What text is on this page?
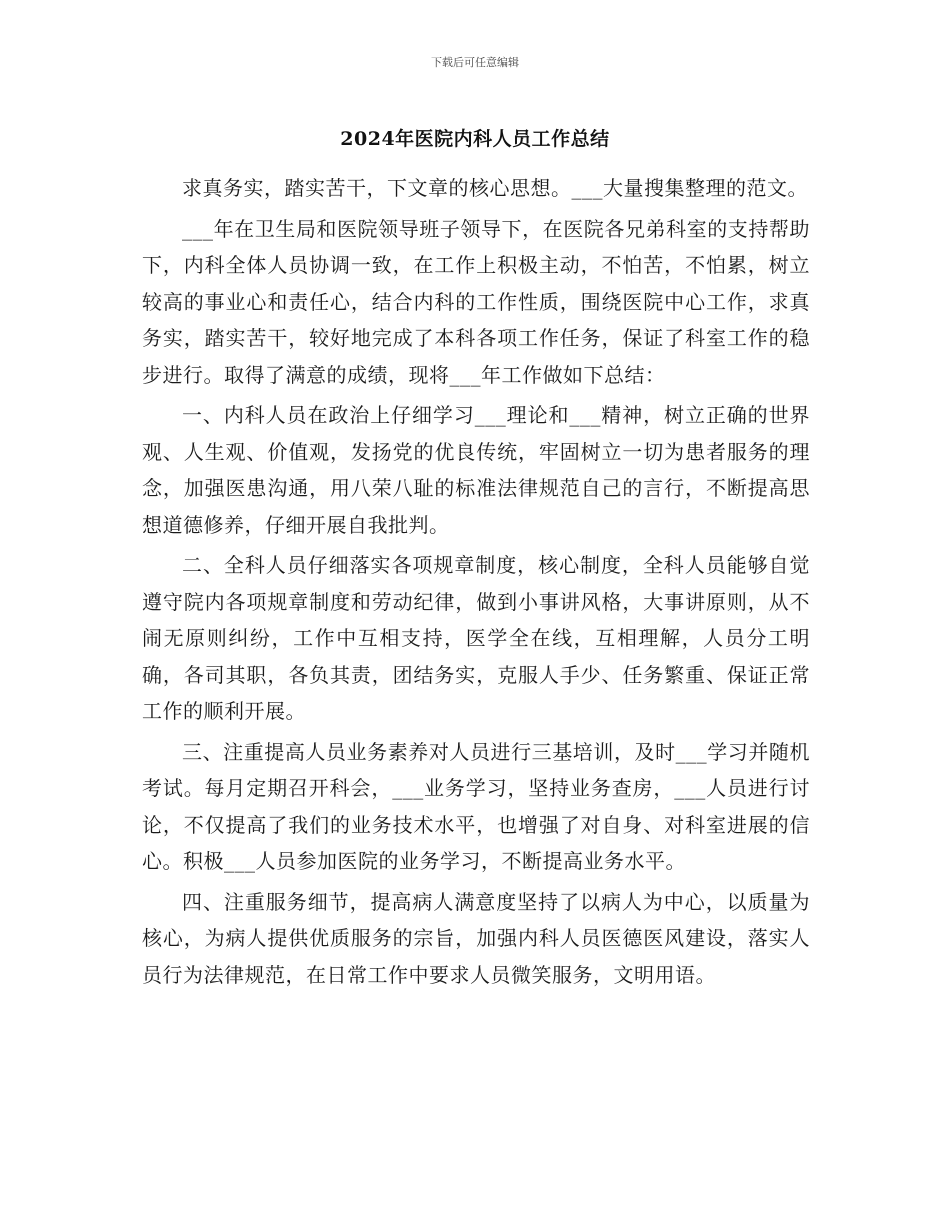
下载后可任意编辑
2024年医院内科人员工作总结

求真务实，踏实苦干，下文章的核心思想。___大量搜集整理的范文。

___年在卫生局和医院领导班子领导下，在医院各兄弟科室的支持帮助下，内科全体人员协调一致，在工作上积极主动，不怕苦，不怕累，树立较高的事业心和责任心，结合内科的工作性质，围绕医院中心工作，求真务实，踏实苦干，较好地完成了本科各项工作任务，保证了科室工作的稳步进行。取得了满意的成绩，现将___年工作做如下总结：

一、内科人员在政治上仔细学习___理论和___精神，树立正确的世界观、人生观、价值观，发扬党的优良传统，牢固树立一切为患者服务的理念，加强医患沟通，用八荣八耻的标准法律规范自己的言行，不断提高思想道德修养，仔细开展自我批判。

二、全科人员仔细落实各项规章制度，核心制度，全科人员能够自觉遵守院内各项规章制度和劳动纪律，做到小事讲风格，大事讲原则，从不闹无原则纠纷，工作中互相支持，医学全在线，互相理解，人员分工明确，各司其职，各负其责，团结务实，克服人手少、任务繁重、保证正常工作的顺利开展。

三、注重提高人员业务素养对人员进行三基培训，及时___学习并随机考试。每月定期召开科会，___业务学习，坚持业务查房，___人员进行讨论，不仅提高了我们的业务技术水平，也增强了对自身、对科室进展的信心。积极___人员参加医院的业务学习，不断提高业务水平。

四、注重服务细节，提高病人满意度坚持了以病人为中心，以质量为核心，为病人提供优质服务的宗旨，加强内科人员医德医风建设，落实人员行为法律规范，在日常工作中要求人员微笑服务，文明用语。
